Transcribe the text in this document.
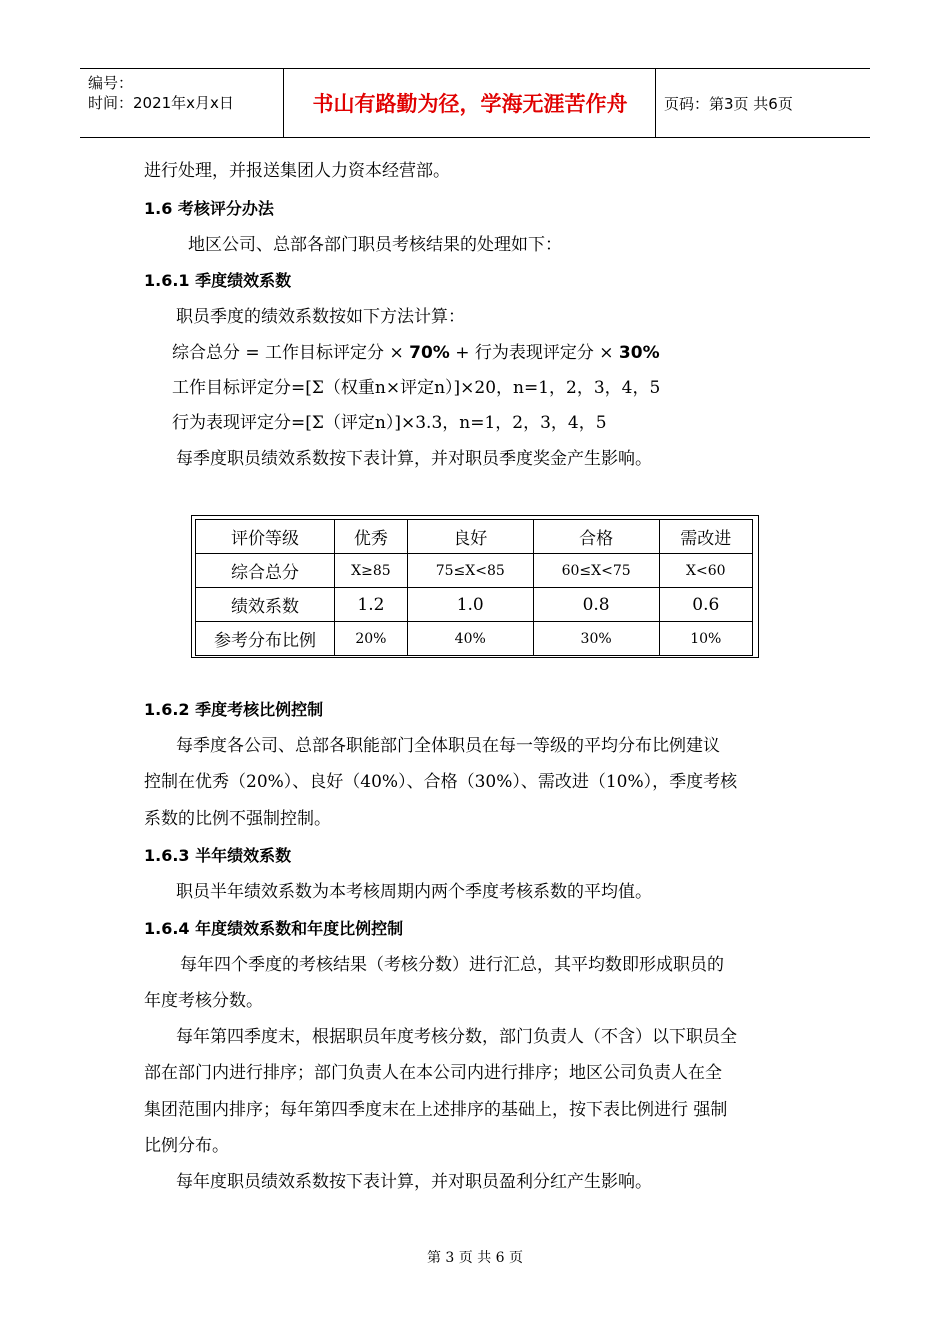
编号：
时间：2021年x月x日	书山有路勤为径，学海无涯苦作舟	页码：第3页 共6页
进行处理，并报送集团人力资本经营部。
1.6 考核评分办法
地区公司、总部各部门职员考核结果的处理如下：
1.6.1 季度绩效系数
职员季度的绩效系数按如下方法计算：
综合总分 = 工作目标评定分 × 70% + 行为表现评定分 × 30%
工作目标评定分=[Σ（权重n×评定n）]×20，n=1，2，3，4，5
行为表现评定分=[Σ（评定n）]×3.3，n=1，2，3，4，5
每季度职员绩效系数按下表计算，并对职员季度奖金产生影响。
评价等级	优秀	良好	合格	需改进
综合总分	X≥85	75≤X<85	60≤X<75	X<60
绩效系数	1.2	1.0	0.8	0.6
参考分布比例	20%	40%	30%	10%
1.6.2 季度考核比例控制
每季度各公司、总部各职能部门全体职员在每一等级的平均分布比例建议
控制在优秀（20%）、良好（40%）、合格（30%）、需改进（10%），季度考核
系数的比例不强制控制。
1.6.3 半年绩效系数
职员半年绩效系数为本考核周期内两个季度考核系数的平均值。
1.6.4 年度绩效系数和年度比例控制
每年四个季度的考核结果（考核分数）进行汇总，其平均数即形成职员的
年度考核分数。
每年第四季度末，根据职员年度考核分数，部门负责人（不含）以下职员全
部在部门内进行排序；部门负责人在本公司内进行排序；地区公司负责人在全
集团范围内排序；每年第四季度末在上述排序的基础上，按下表比例进行 强制
比例分布。
每年度职员绩效系数按下表计算，并对职员盈利分红产生影响。
第 3 页 共 6 页
